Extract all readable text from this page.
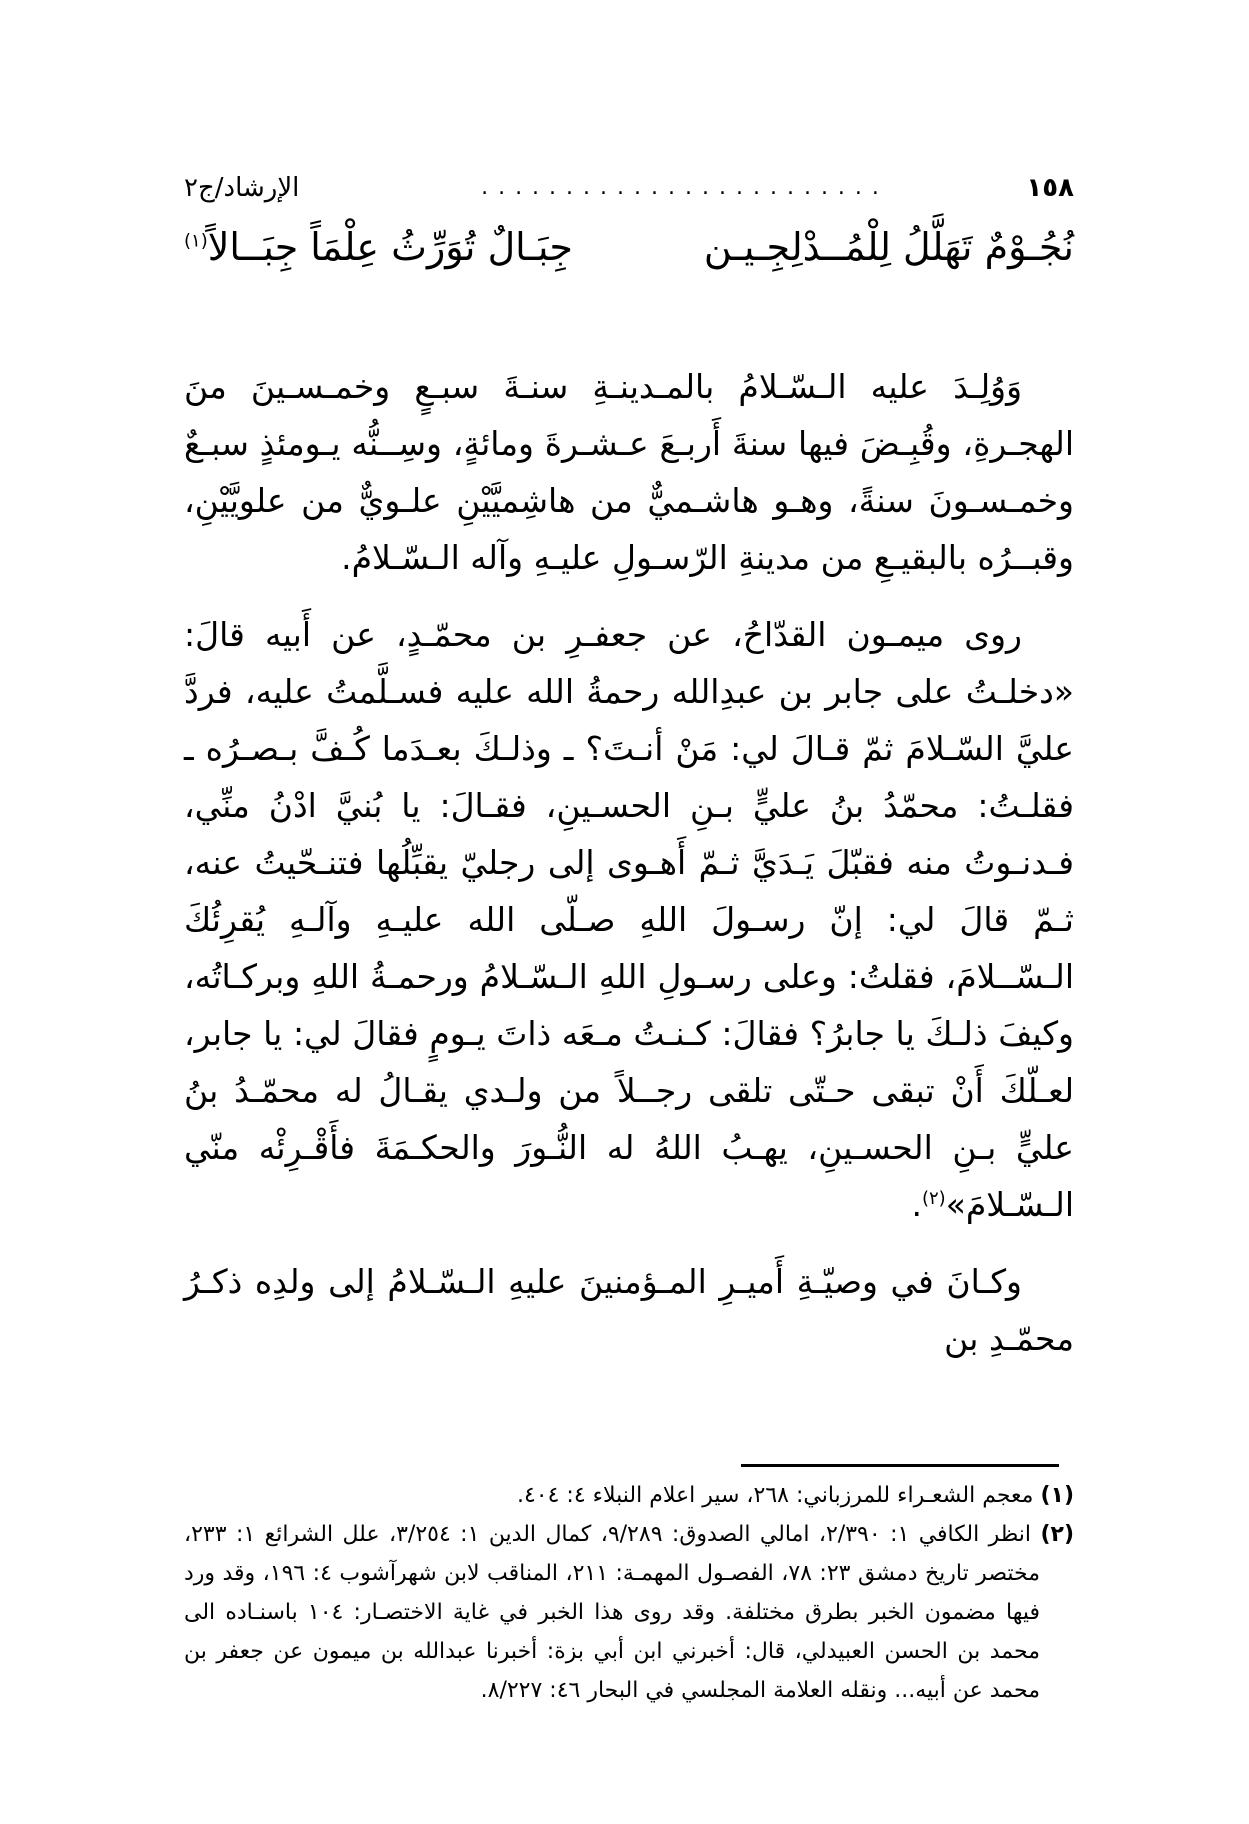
١٥٨
........................
الإرشاد/ج٢
نُجُـوْمٌ تَهَلَّلُ لِلْمُــدْلِجِـيـن
جِبَـالٌ تُوَرِّثُ عِلْمَاً جِبَــالاً$^{(١)}$

وَوُلِـدَ عليه الـسّـلامُ بالمـدينـةِ سنـةَ سبـعٍ وخمـسـينَ منَ الهجـرةِ، وقُبِـضَ فيها سنةَ أَربـعَ عـشـرةَ ومائةٍ، وسِــنُّه يـومئذٍ سبـعٌ وخمـسـونَ سنةً، وهـو هاشـميٌّ من هاشِميَّيْنِ علـويٌّ من علويَّيْنِ، وقبــرُه بالبقيـعِ من مدينةِ الرّسـولِ عليـهِ وآله الـسّـلامُ.

روى ميمـون القدّاحُ، عن جعفـرِ بن محمّـدٍ، عن أَبيه قالَ: «دخلـتُ على جابر بن عبدِالله رحمةُ الله عليه فسـلَّمتُ عليه، فردَّ عليَّ السّـلامَ ثمّ قـالَ لي: مَنْ أنـتَ؟ ـ وذلـكَ بعـدَما كُـفَّ بـصـرُه ـ فقلـتُ: محمّدُ بنُ عليٍّ بـنِ الحسـينِ، فقـالَ: يا بُنيَّ ادْنُ منِّي، فـدنـوتُ منه فقبّلَ يَـدَيَّ ثـمّ أَهـوى إلى رجليّ يقبِّلُها فتنـحّيتُ عنه، ثـمّ قالَ لي: إنّ رسـولَ اللهِ صـلّى الله عليـهِ وآلـهِ يُقرِئُكَ الـسّــلامَ، فقلتُ: وعلى رسـولِ اللهِ الـسّـلامُ ورحمـةُ اللهِ وبركـاتُه، وكيفَ ذلـكَ يا جابرُ؟ فقالَ: كـنـتُ مـعَه ذاتَ يـومٍ فقالَ لي: يا جابر، لعـلّكَ أَنْ تبقى حـتّى تلقى رجــلاً من ولـدي يقـالُ له محمّـدُ بنُ عليٍّ بـنِ الحسـينِ، يهـبُ اللهُ له النُّـورَ والحكـمَةَ فأَقْـرِئْه منّي الـسّـلامَ»$^{(٢)}$.

وكـانَ في وصيّـةِ أَميـرِ المـؤمنينَ عليهِ الـسّـلامُ إلى ولدِه ذكـرُ محمّـدِ بن

(١) معجم الشعـراء للمرزباني: ٢٦٨، سير اعلام النبلاء ٤: ٤٠٤.

(٢) انظر الكافي ١: ٢/٣٩٠، امالي الصدوق: ٩/٢٨٩، كمال الدين ١: ٣/٢٥٤، علل الشرائع ١: ٢٣٣، مختصر تاريخ دمشق ٢٣: ٧٨، الفصـول المهمـة: ٢١١، المناقب لابن شهرآشوب ٤: ١٩٦، وقد ورد فيها مضمون الخبر بطرق مختلفة. وقد روى هذا الخبر في غاية الاختصـار: ١٠٤ باسنـاده الى محمد بن الحسن العبيدلي، قال: أخبرني ابن أبي بزة: أخبرنا عبدالله بن ميمون عن جعفر بن محمد عن أبيه... ونقله العلامة المجلسي في البحار ٤٦: ٨/٢٢٧.
